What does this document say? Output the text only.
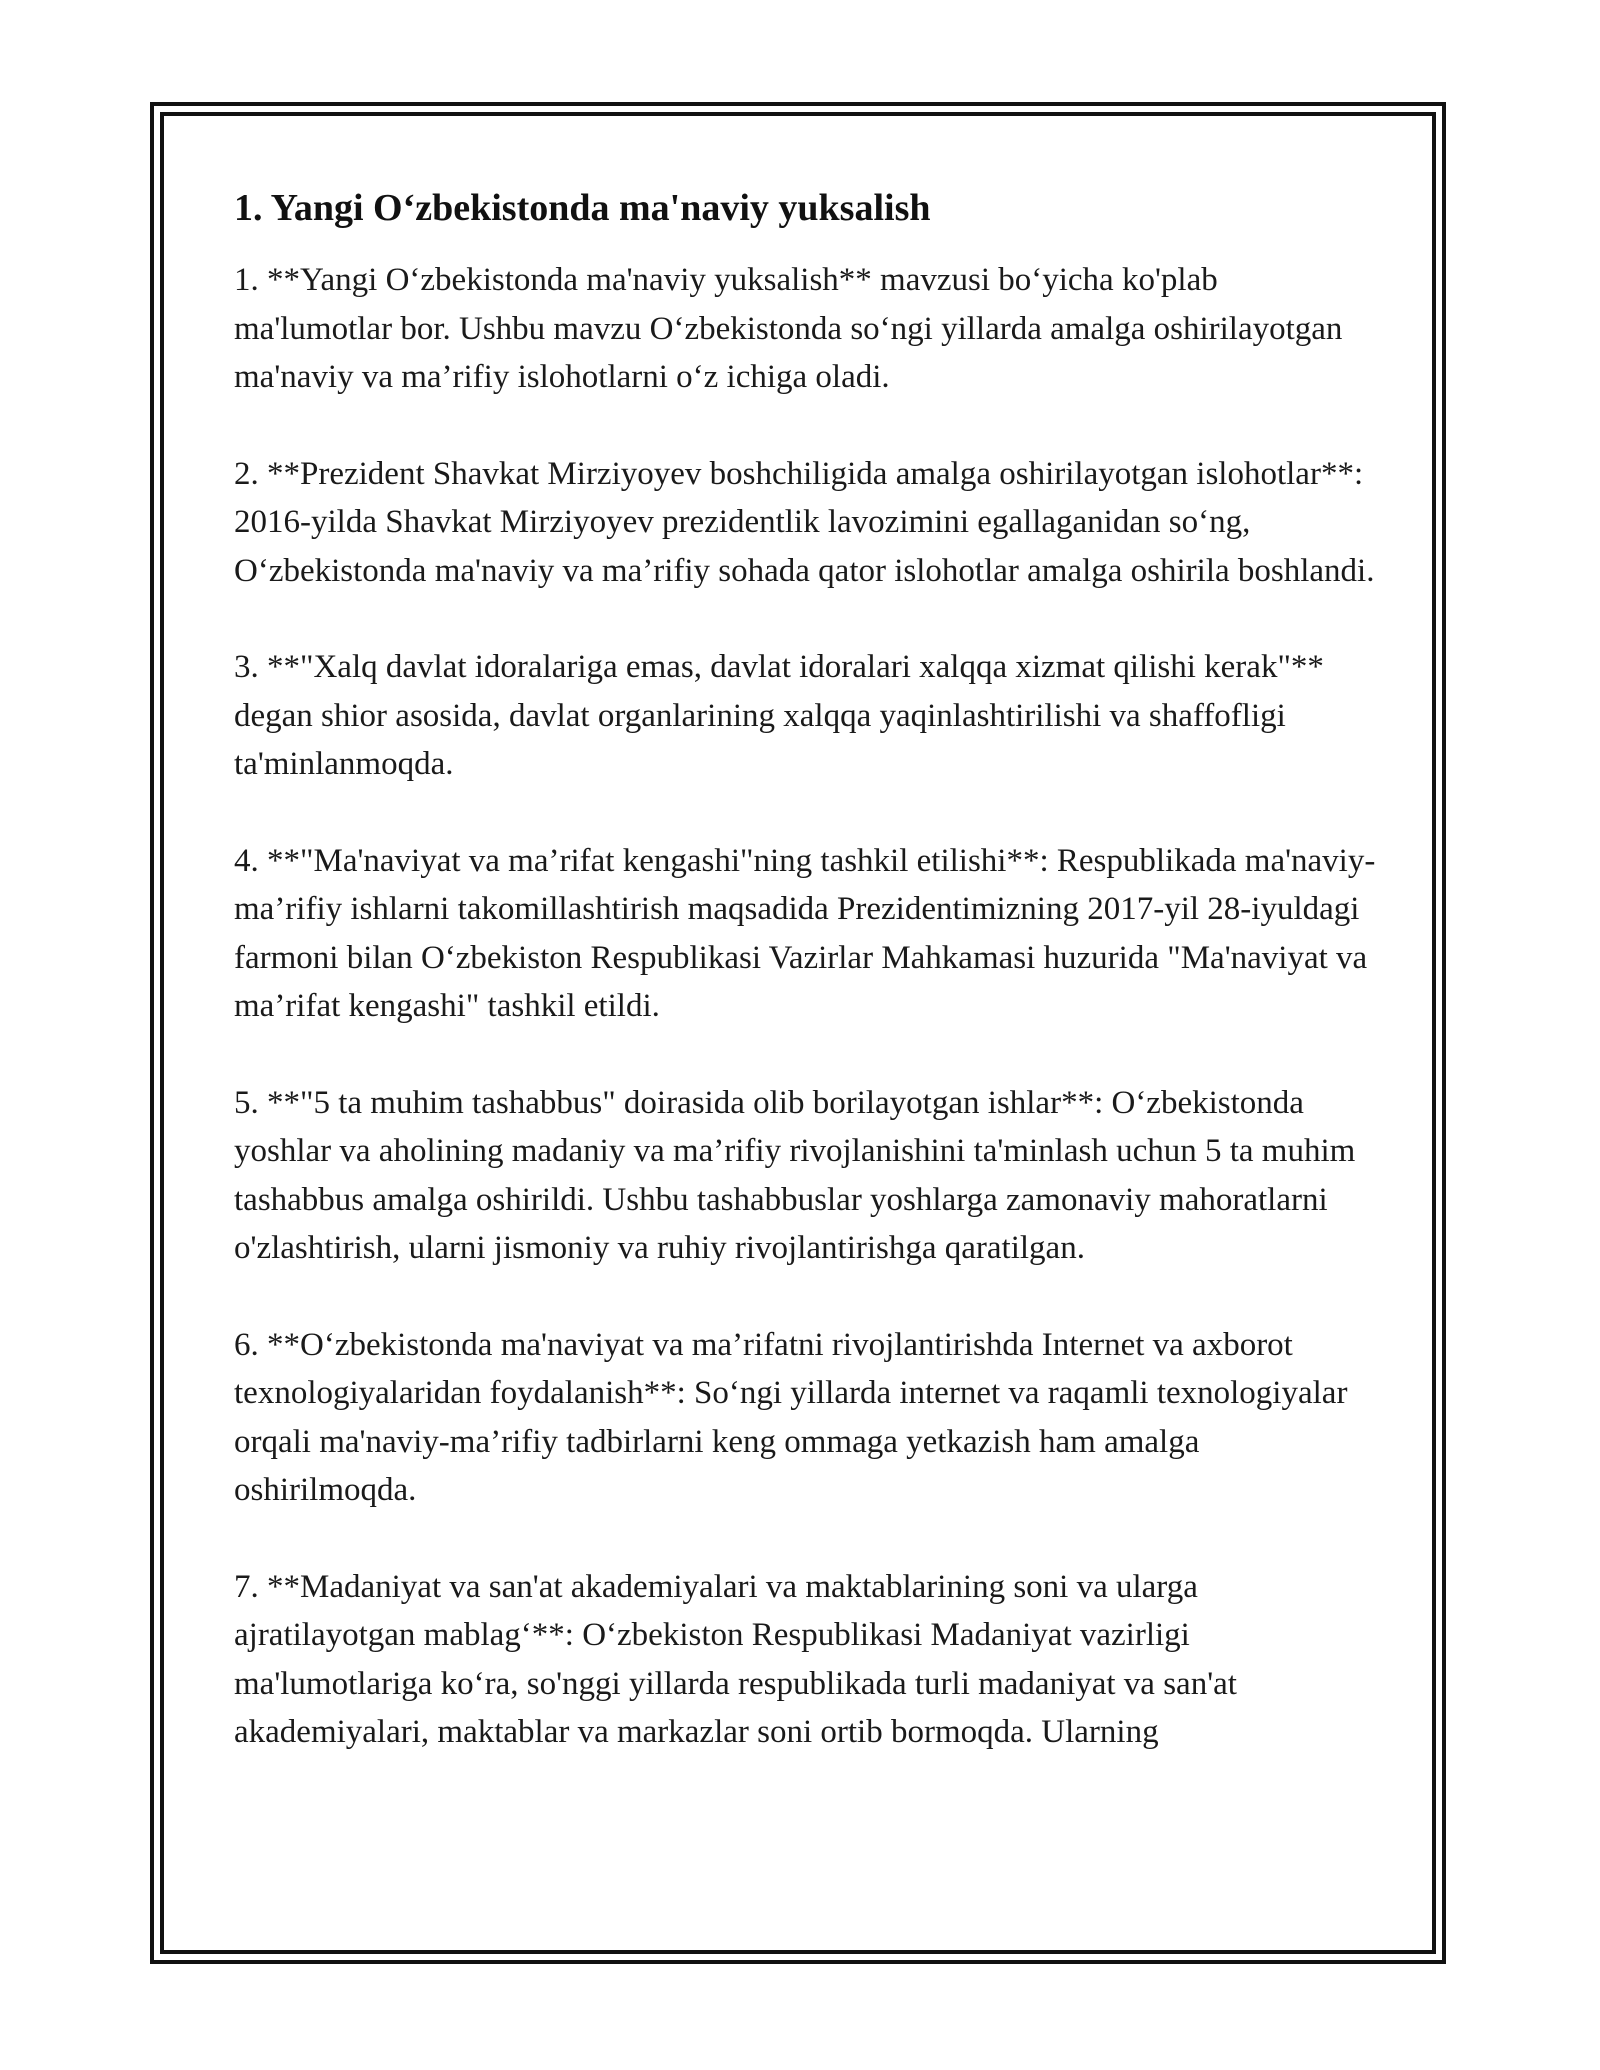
1. Yangi O‘zbekistonda ma'naviy yuksalish

1. **Yangi O‘zbekistonda ma'naviy yuksalish** mavzusi bo‘yicha ko'plab ma'lumotlar bor. Ushbu mavzu O‘zbekistonda so‘ngi yillarda amalga oshirilayotgan ma'naviy va ma’rifiy islohotlarni o‘z ichiga oladi.

2. **Prezident Shavkat Mirziyoyev boshchiligida amalga oshirilayotgan islohotlar**: 2016-yilda Shavkat Mirziyoyev prezidentlik lavozimini egallaganidan so‘ng, O‘zbekistonda ma'naviy va ma’rifiy sohada qator islohotlar amalga oshirila boshlandi.

3. **"Xalq davlat idoralariga emas, davlat idoralari xalqqa xizmat qilishi kerak"** degan shior asosida, davlat organlarining xalqqa yaqinlashtirilishi va shaffofligi ta'minlanmoqda.

4. **"Ma'naviyat va ma’rifat kengashi"ning tashkil etilishi**: Respublikada ma'naviy-ma’rifiy ishlarni takomillashtirish maqsadida Prezidentimizning 2017-yil 28-iyuldagi farmoni bilan O‘zbekiston Respublikasi Vazirlar Mahkamasi huzurida "Ma'naviyat va ma’rifat kengashi" tashkil etildi.

5. **"5 ta muhim tashabbus" doirasida olib borilayotgan ishlar**: O‘zbekistonda yoshlar va aholining madaniy va ma’rifiy rivojlanishini ta'minlash uchun 5 ta muhim tashabbus amalga oshirildi. Ushbu tashabbuslar yoshlarga zamonaviy mahoratlarni o'zlashtirish, ularni jismoniy va ruhiy rivojlantirishga qaratilgan.

6. **O‘zbekistonda ma'naviyat va ma’rifatni rivojlantirishda Internet va axborot texnologiyalaridan foydalanish**: So‘ngi yillarda internet va raqamli texnologiyalar orqali ma'naviy-ma’rifiy tadbirlarni keng ommaga yetkazish ham amalga oshirilmoqda.

7. **Madaniyat va san'at akademiyalari va maktablarining soni va ularga ajratilayotgan mablag‘**: O‘zbekiston Respublikasi Madaniyat vazirligi ma'lumotlariga ko‘ra, so'nggi yillarda respublikada turli madaniyat va san'at akademiyalari, maktablar va markazlar soni ortib bormoqda. Ularning
